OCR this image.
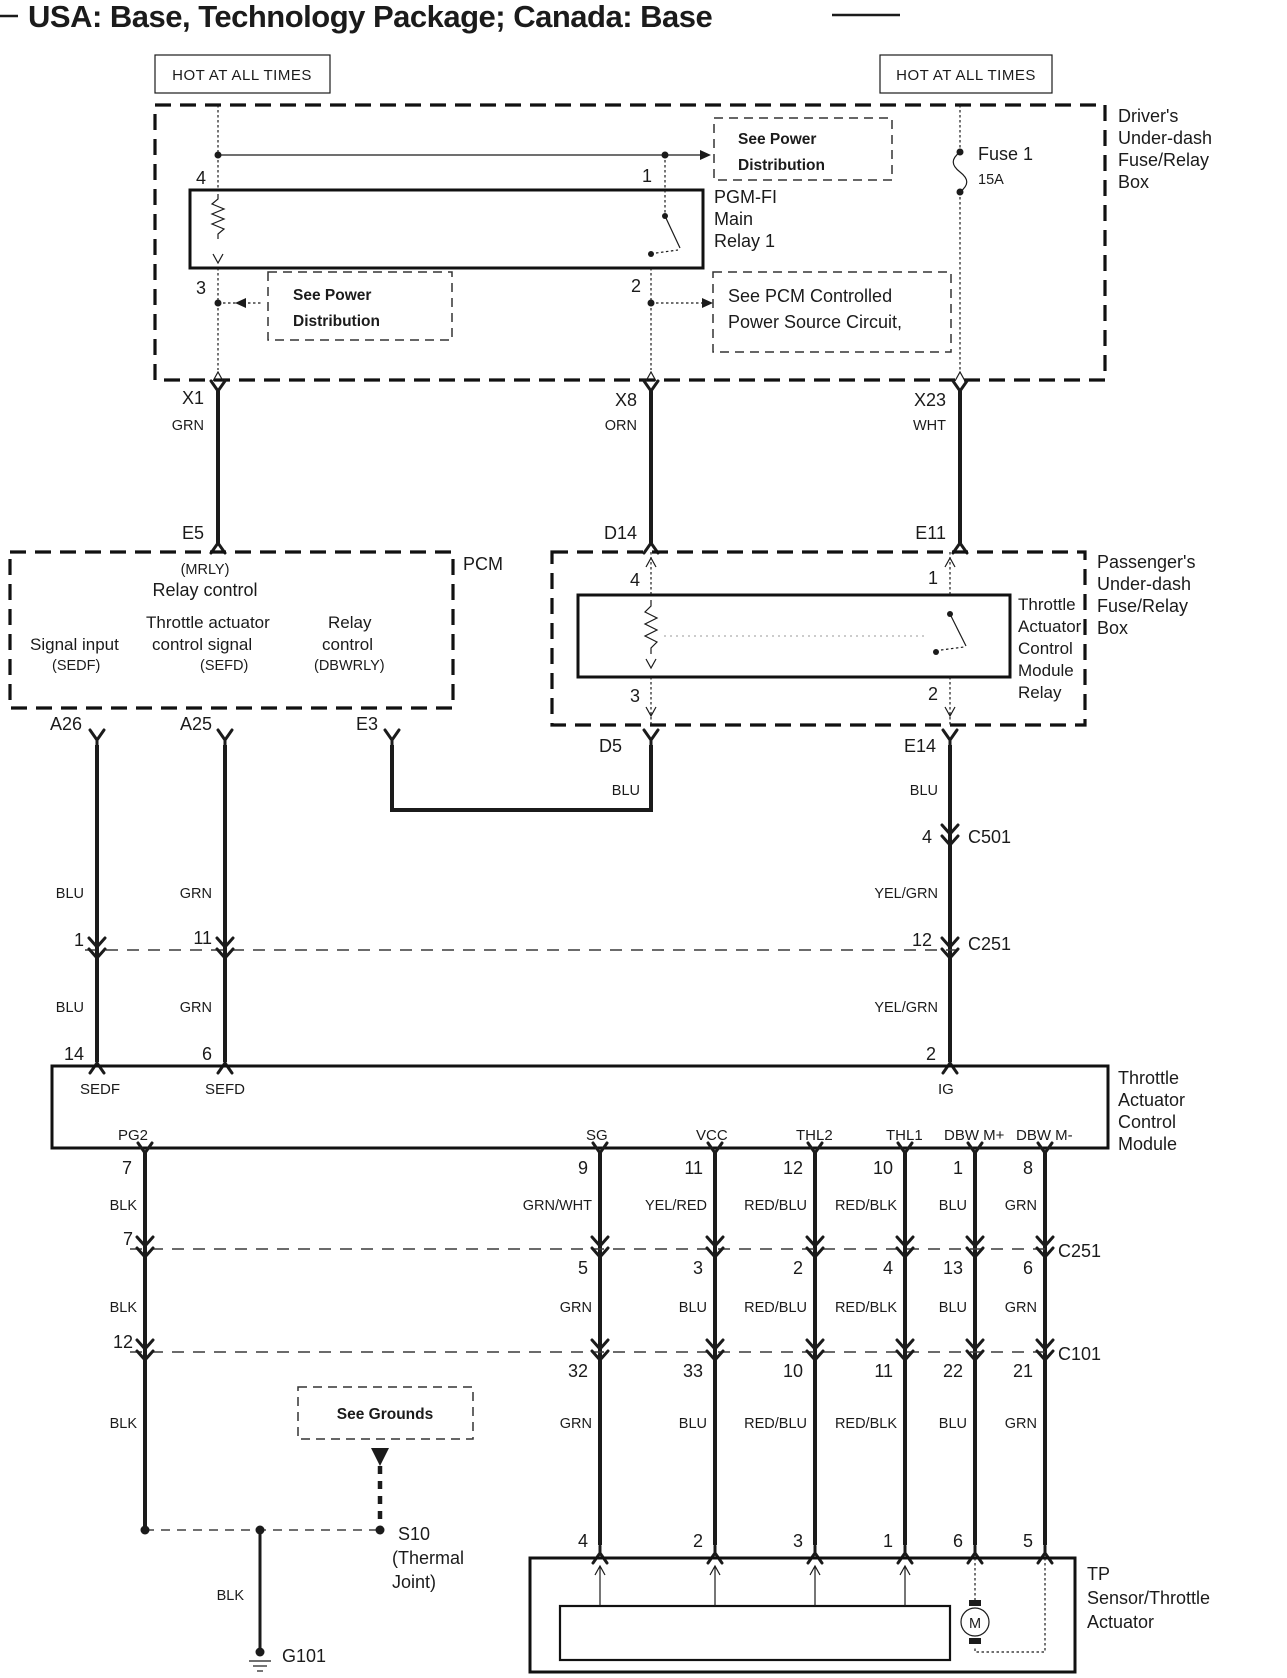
USA: Base, Technology Package; Canada: Base
HOT AT ALL TIMES	HOT AT ALL TIMES
Driver's
Under-dash
Fuse/Relay
Box
See Power
Distribution
Fuse 1
15A
4	1
3	2
PGM-FI
Main
Relay 1
See Power
Distribution
See PCM Controlled
Power Source Circuit,
X1
GRN
E5
X8
ORN
D14
X23
WHT
E11
PCM
(MRLY)
Relay control
Signal input
(SEDF)
Throttle actuator
control signal
(SEFD)
Relay
control
(DBWRLY)
A26	A25	E3
Passenger's
Under-dash
Fuse/Relay
Box
4	1
3	2
Throttle
Actuator
Control
Module
Relay
D5	E14
BLU	BLU
4 C501
YEL/GRN
12 C251
YEL/GRN
2
BLU
1
BLU
14
GRN
11
GRN
6
Throttle
Actuator
Control
Module
SEDF	SEFD	IG
PG2	SG	VCC	THL2	THL1 DBW M+ DBW M-
7	9	11	12	10	1	8
BLK	GRN/WHT	YEL/RED	RED/BLU RED/BLK	BLU	GRN
7
5	3	2	4	13	6
C251
BLK	GRN	BLU	RED/BLU RED/BLK	BLU	GRN
12
32	33	10	11	22	21
C101
BLK	GRN	BLU	RED/BLU RED/BLK	BLU	GRN
See Grounds
S10
(Thermal
Joint)
BLK
G101
4	2	3	1	6	5
TP
Sensor/Throttle
Actuator
M
